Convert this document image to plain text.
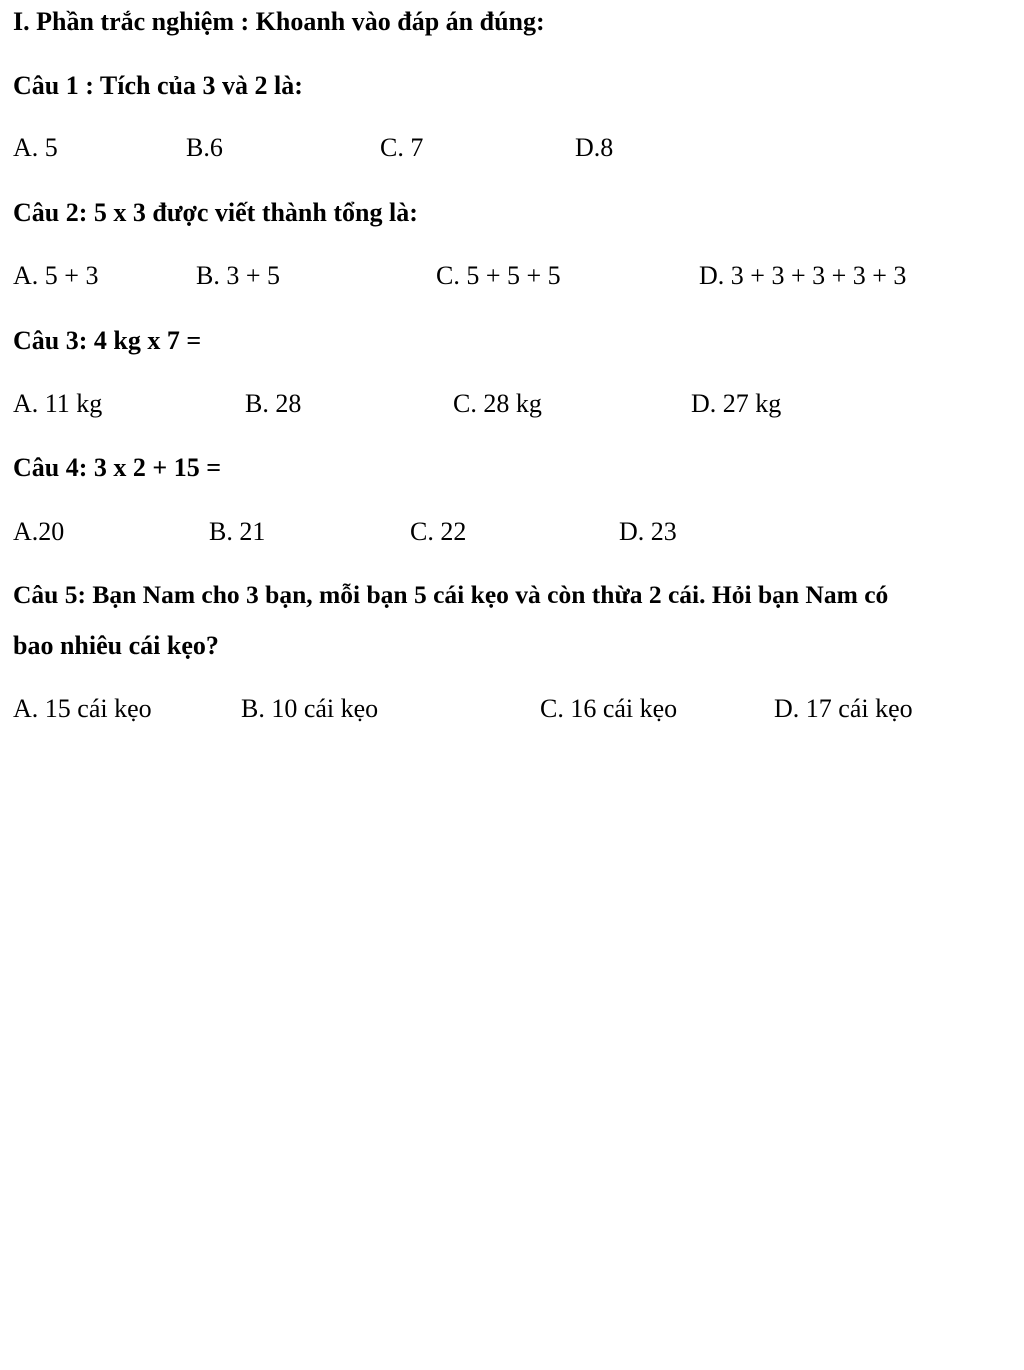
I. Phần trắc nghiệm : Khoanh vào đáp án đúng:
Câu 1 : Tích của 3 và 2 là:
A. 5	B.6	C. 7	D.8
Câu 2: 5 x 3 được viết thành tổng là:
A. 5 + 3	B. 3 + 5	C. 5 + 5 + 5	D. 3 + 3 + 3 + 3 + 3
Câu 3: 4 kg x 7 =
A. 11 kg	B. 28	C. 28 kg	D. 27 kg
Câu 4: 3 x 2 + 15 =
A.20	B. 21	C. 22	D. 23
Câu 5: Bạn Nam cho 3 bạn, mỗi bạn 5 cái kẹo và còn thừa 2 cái. Hỏi bạn Nam có
bao nhiêu cái kẹo?
A. 15 cái kẹo	B. 10 cái kẹo	C. 16 cái kẹo	D. 17 cái kẹo
